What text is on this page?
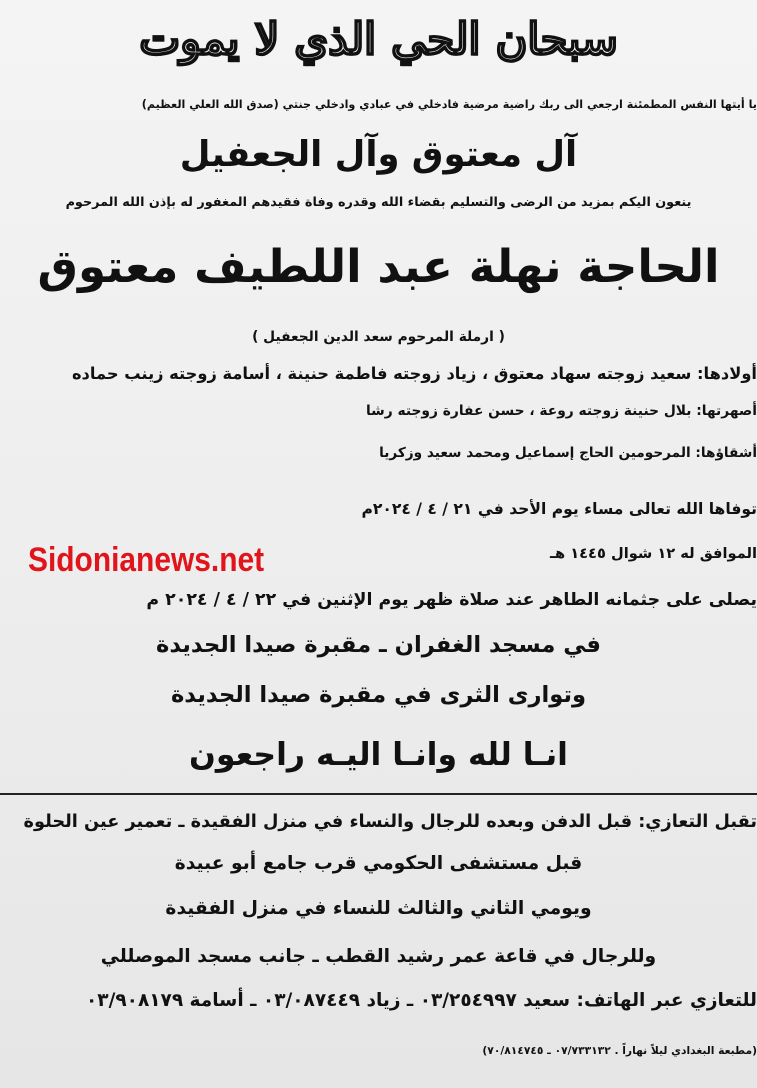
سبحان الحي الذي لا يموت
يا أيتها النفس المطمئنة ارجعي الى ربك راضية مرضية فادخلي في عبادي وادخلي جنتي (صدق الله العلي العظيم)
آل معتوق وآل الجعفيل
ينعون اليكم بمزيد من الرضى والتسليم بقضاء الله وقدره وفاة فقيدهم المغفور له بإذن الله المرحوم
الحاجة نهلة عبد اللطيف معتوق
( ارملة المرحوم سعد الدين الجعفيل )
أولادها: سعيد زوجته سهاد معتوق ، زياد زوجته فاطمة حنينة ، أسامة زوجته زينب حماده
أصهرتها: بلال حنينة زوجته روعة ، حسن عفارة زوجته رشا
أشقاؤها: المرحومين الحاج إسماعيل ومحمد سعيد وزكريا
توفاها الله تعالى مساء يوم الأحد في ٢١ / ٤ / ٢٠٢٤م
Sidonianews.net	الموافق له ١٢ شوال ١٤٤٥ هـ
يصلى على جثمانه الطاهر عند صلاة ظهر يوم الإثنين في ٢٢ / ٤ / ٢٠٢٤ م
في مسجد الغفران ـ مقبرة صيدا الجديدة
وتوارى الثرى في مقبرة صيدا الجديدة
انـا لله وانـا اليـه راجعون
تقبل التعازي: قبل الدفن وبعده للرجال والنساء في منزل الفقيدة ـ تعمير عين الحلوة
قبل مستشفى الحكومي قرب جامع أبو عبيدة
ويومي الثاني والثالث للنساء في منزل الفقيدة
وللرجال في قاعة عمر رشيد القطب ـ جانب مسجد الموصللي
للتعازي عبر الهاتف: سعيد ٠٣/٢٥٤٩٩٧ ـ زياد ٠٣/٠٨٧٤٤٩ ـ أسامة ٠٣/٩٠٨١٧٩
(مطبعة البغدادي ليلاً نهاراً . ٠٧/٧٣٣١٣٢ ـ ٧٠/٨١٤٧٤٥)
